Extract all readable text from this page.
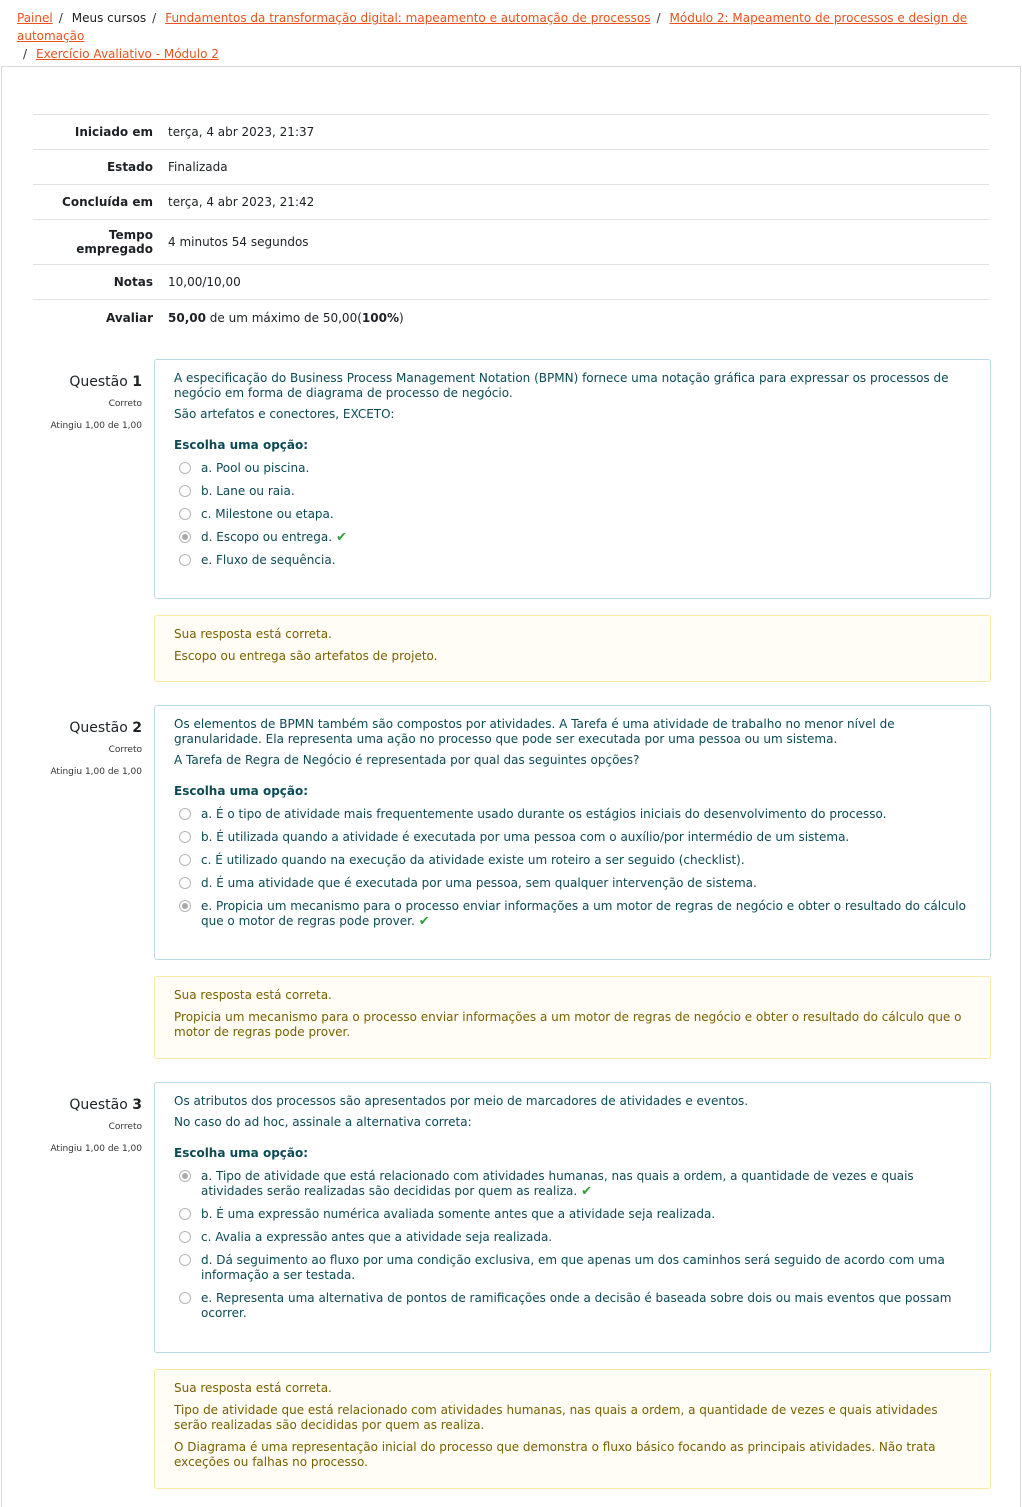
Painel / Meus cursos / Fundamentos da transformação digital: mapeamento e automação de processos / Módulo 2: Mapeamento de processos e design de automação
/ Exercício Avaliativo - Módulo 2
Iniciado em	terça, 4 abr 2023, 21:37
Estado	Finalizada
Concluída em	terça, 4 abr 2023, 21:42
Tempo
empregado	4 minutos 54 segundos
Notas	10,00/10,00
Avaliar	50,00 de um máximo de 50,00(100%)
Questão 1
Correto
Atingiu 1,00 de 1,00

A especificação do Business Process Management Notation (BPMN) fornece uma notação gráfica para expressar os processos de negócio em forma de diagrama de processo de negócio.

São artefatos e conectores, EXCETO:

Escolha uma opção:
a. Pool ou piscina.
b. Lane ou raia.
c. Milestone ou etapa.
d. Escopo ou entrega. ✔
e. Fluxo de sequência.

Sua resposta está correta.

Escopo ou entrega são artefatos de projeto.

Questão 2
Correto
Atingiu 1,00 de 1,00

Os elementos de BPMN também são compostos por atividades. A Tarefa é uma atividade de trabalho no menor nível de granularidade. Ela representa uma ação no processo que pode ser executada por uma pessoa ou um sistema.

A Tarefa de Regra de Negócio é representada por qual das seguintes opções?

Escolha uma opção:
a. É o tipo de atividade mais frequentemente usado durante os estágios iniciais do desenvolvimento do processo.
b. É utilizada quando a atividade é executada por uma pessoa com o auxílio/por intermédio de um sistema.
c. É utilizado quando na execução da atividade existe um roteiro a ser seguido (checklist).
d. É uma atividade que é executada por uma pessoa, sem qualquer intervenção de sistema.
e. Propicia um mecanismo para o processo enviar informações a um motor de regras de negócio e obter o resultado do cálculo que o motor de regras pode prover. ✔

Sua resposta está correta.

Propicia um mecanismo para o processo enviar informações a um motor de regras de negócio e obter o resultado do cálculo que o motor de regras pode prover.

Questão 3
Correto
Atingiu 1,00 de 1,00

Os atributos dos processos são apresentados por meio de marcadores de atividades e eventos.

No caso do ad hoc, assinale a alternativa correta:

Escolha uma opção:
a. Tipo de atividade que está relacionado com atividades humanas, nas quais a ordem, a quantidade de vezes e quais atividades serão realizadas são decididas por quem as realiza. ✔
b. É uma expressão numérica avaliada somente antes que a atividade seja realizada.
c. Avalia a expressão antes que a atividade seja realizada.
d. Dá seguimento ao fluxo por uma condição exclusiva, em que apenas um dos caminhos será seguido de acordo com uma informação a ser testada.
e. Representa uma alternativa de pontos de ramificações onde a decisão é baseada sobre dois ou mais eventos que possam ocorrer.

Sua resposta está correta.

Tipo de atividade que está relacionado com atividades humanas, nas quais a ordem, a quantidade de vezes e quais atividades serão realizadas são decididas por quem as realiza.

O Diagrama é uma representação inicial do processo que demonstra o fluxo básico focando as principais atividades. Não trata exceções ou falhas no processo.
